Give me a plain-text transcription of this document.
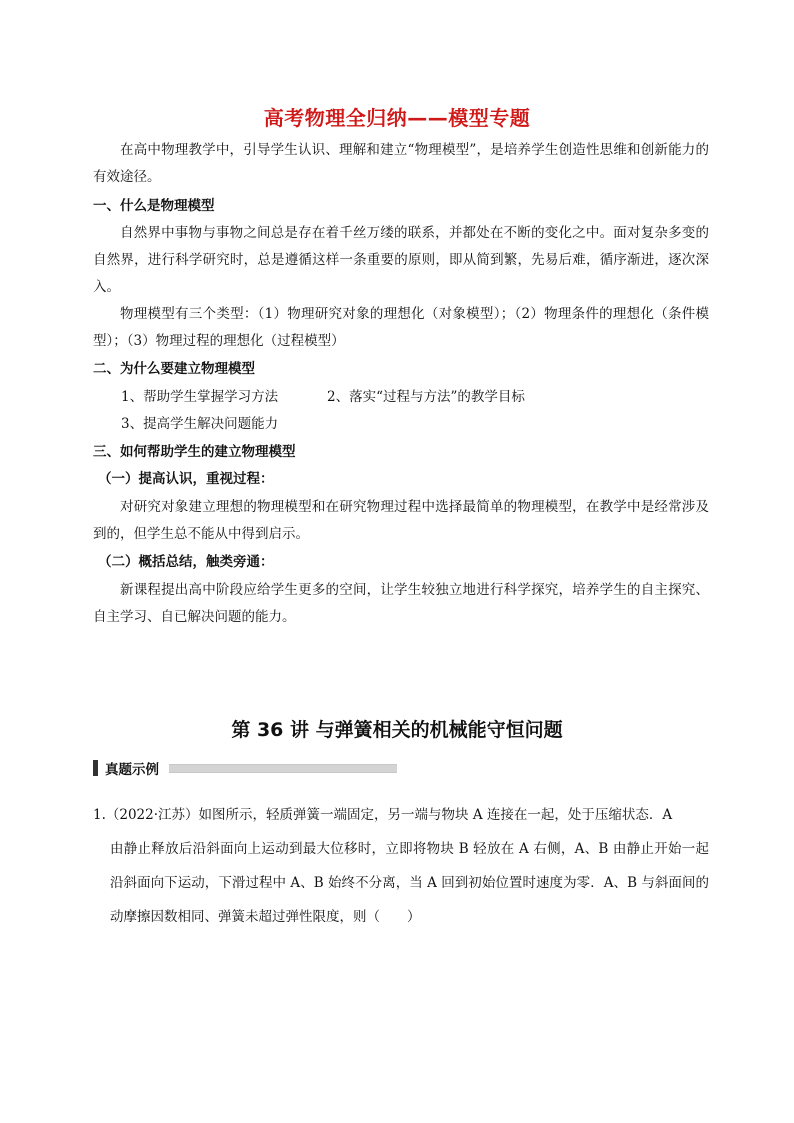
高考物理全归纳——模型专题
在高中物理教学中，引导学生认识、理解和建立“物理模型”，是培养学生创造性思维和创新能力的有效途径。
一、什么是物理模型
自然界中事物与事物之间总是存在着千丝万缕的联系，并都处在不断的变化之中。面对复杂多变的自然界，进行科学研究时，总是遵循这样一条重要的原则，即从简到繁，先易后难，循序渐进，逐次深入。
物理模型有三个类型：（1）物理研究对象的理想化（对象模型）；（2）物理条件的理想化（条件模型）；（3）物理过程的理想化（过程模型）
二、为什么要建立物理模型
1、帮助学生掌握学习方法	2、落实“过程与方法”的教学目标
3、提高学生解决问题能力
三、如何帮助学生的建立物理模型
（一）提高认识，重视过程：
对研究对象建立理想的物理模型和在研究物理过程中选择最简单的物理模型，在教学中是经常涉及到的，但学生总不能从中得到启示。
（二）概括总结，触类旁通：
新课程提出高中阶段应给学生更多的空间，让学生较独立地进行科学探究，培养学生的自主探究、自主学习、自已解决问题的能力。
第 36 讲 与弹簧相关的机械能守恒问题
真题示例
1.（2022·江苏）如图所示，轻质弹簧一端固定，另一端与物块 A 连接在一起，处于压缩状态．A
由静止释放后沿斜面向上运动到最大位移时，立即将物块 B 轻放在 A 右侧，A、B 由静止开始一起沿斜面向下运动，下滑过程中 A、B 始终不分离，当 A 回到初始位置时速度为零．A、B 与斜面间的动摩擦因数相同、弹簧未超过弹性限度，则（　　）
